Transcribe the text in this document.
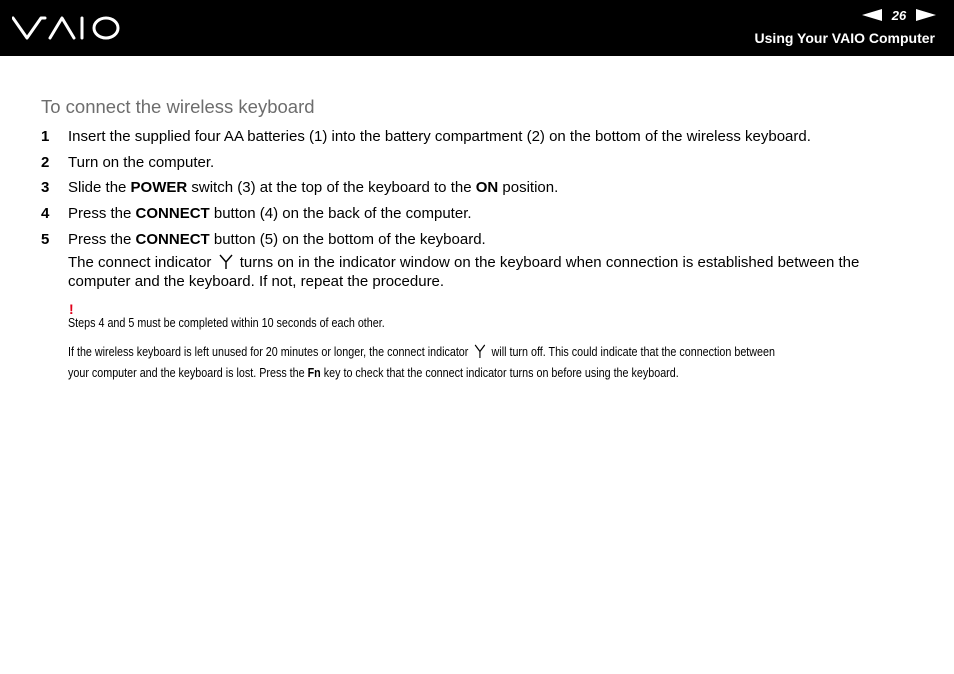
26
Using Your VAIO Computer
To connect the wireless keyboard
1 Insert the supplied four AA batteries (1) into the battery compartment (2) on the bottom of the wireless keyboard.
2 Turn on the computer.
3 Slide the POWER switch (3) at the top of the keyboard to the ON position.
4 Press the CONNECT button (4) on the back of the computer.
5 Press the CONNECT button (5) on the bottom of the keyboard.
The connect indicator  turns on in the indicator window on the keyboard when connection is established between the computer and the keyboard. If not, repeat the procedure.
!
Steps 4 and 5 must be completed within 10 seconds of each other.
If the wireless keyboard is left unused for 20 minutes or longer, the connect indicator  will turn off. This could indicate that the connection between
your computer and the keyboard is lost. Press the Fn key to check that the connect indicator turns on before using the keyboard.
